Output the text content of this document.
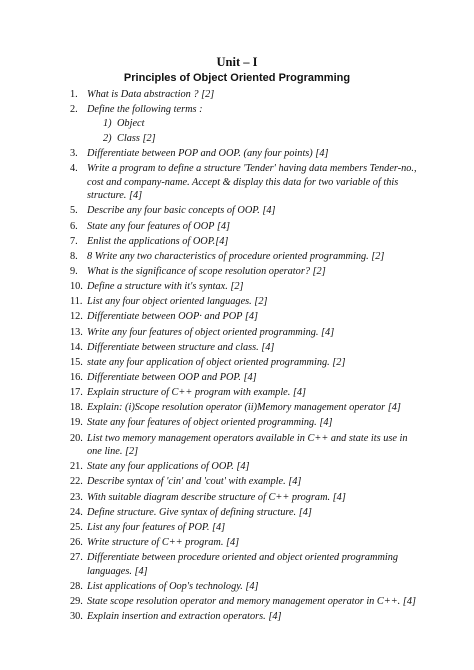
Unit – I
Principles of Object Oriented Programming
1. What is Data abstraction ? [2]
2. Define the following terms :
1) Object
2) Class [2]
3. Differentiate between POP and OOP. (any four points) [4]
4. Write a program to define a structure 'Tender' having data members Tender-no., cost and company-name. Accept & display this data for two variable of this structure. [4]
5. Describe any four basic concepts of OOP. [4]
6. State any four features of OOP [4]
7. Enlist the applications of OOP.[4]
8. 8 Write any two characteristics of procedure oriented programming. [2]
9. What is the significance of scope resolution operator? [2]
10. Define a structure with it's syntax. [2]
11. List any four object oriented languages. [2]
12. Differentiate between OOP· and POP [4]
13. Write any four features of object oriented programming. [4]
14. Differentiate between structure and class. [4]
15. state any four application of object oriented programming. [2]
16. Differentiate between OOP and POP. [4]
17. Explain structure of C++ program with example. [4]
18. Explain: (i)Scope resolution operator (ii)Memory management operator [4]
19. State any four features of object oriented programming. [4]
20. List two memory management operators available in C++ and state its use in one line. [2]
21. State any four applications of OOP. [4]
22. Describe syntax of 'cin' and 'cout' with example. [4]
23. With suitable diagram describe structure of C++ program. [4]
24. Define structure. Give syntax of defining structure. [4]
25. List any four features of POP. [4]
26. Write structure of C++ program. [4]
27. Differentiate between procedure oriented and object oriented programming languages. [4]
28. List applications of Oop's technology. [4]
29. State scope resolution operator and memory management operator in C++. [4]
30. Explain insertion and extraction operators. [4]
